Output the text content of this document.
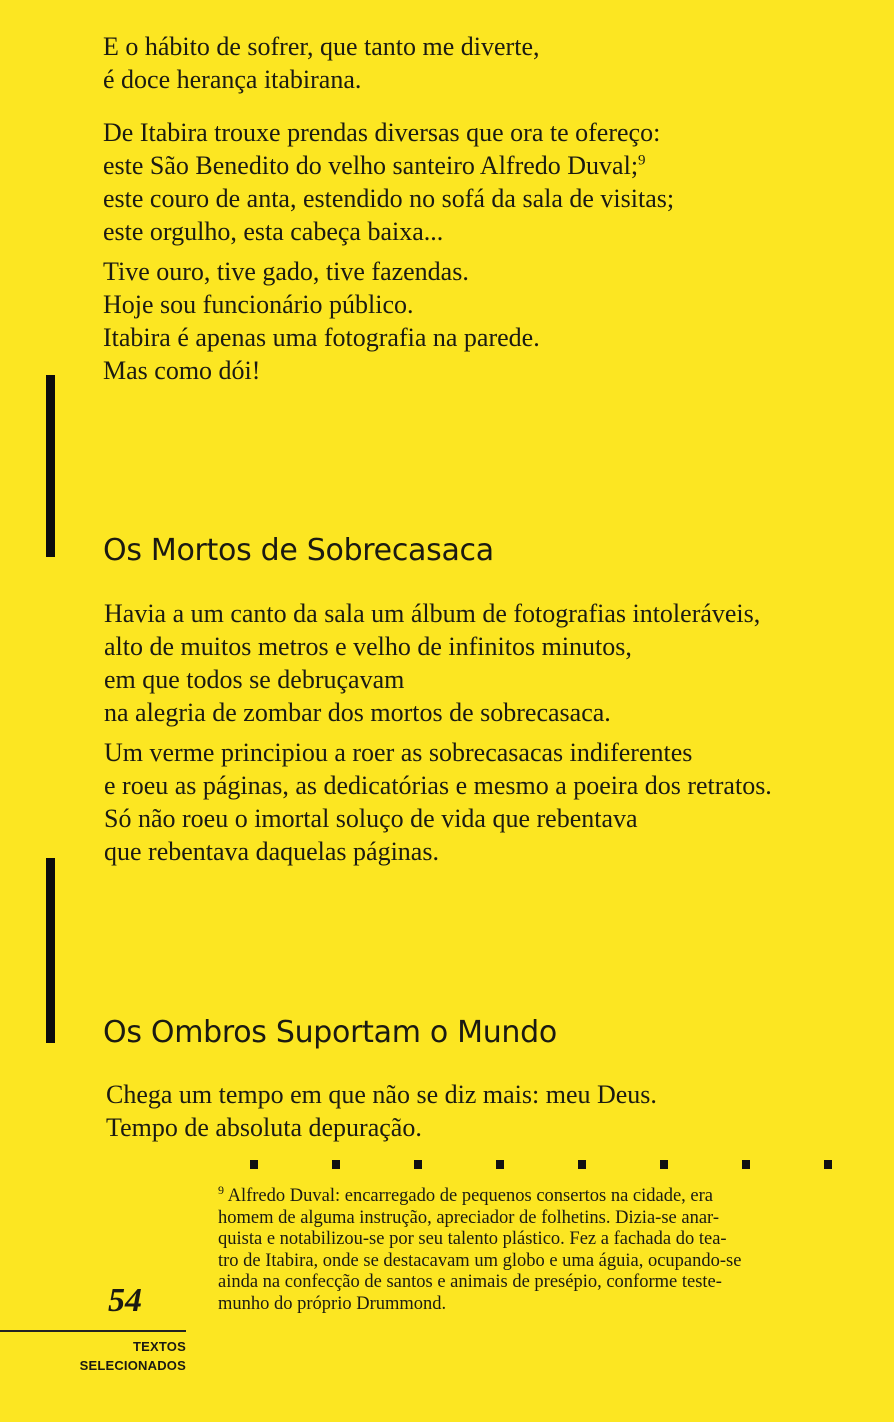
E o hábito de sofrer, que tanto me diverte,
é doce herança itabirana.
De Itabira trouxe prendas diversas que ora te ofereço:
este São Benedito do velho santeiro Alfredo Duval;$^9$
este couro de anta, estendido no sofá da sala de visitas;
este orgulho, esta cabeça baixa...
Tive ouro, tive gado, tive fazendas.
Hoje sou funcionário público.
Itabira é apenas uma fotografia na parede.
Mas como dói!
Os Mortos de Sobrecasaca
Havia a um canto da sala um álbum de fotografias intoleráveis,
alto de muitos metros e velho de infinitos minutos,
em que todos se debruçavam
na alegria de zombar dos mortos de sobrecasaca.
Um verme principiou a roer as sobrecasacas indiferentes
e roeu as páginas, as dedicatórias e mesmo a poeira dos retratos.
Só não roeu o imortal soluço de vida que rebentava
que rebentava daquelas páginas.
Os Ombros Suportam o Mundo
Chega um tempo em que não se diz mais: meu Deus.
Tempo de absoluta depuração.
$^9$ Alfredo Duval: encarregado de pequenos consertos na cidade, era
homem de alguma instrução, apreciador de folhetins. Dizia-se anar-
quista e notabilizou-se por seu talento plástico. Fez a fachada do tea-
tro de Itabira, onde se destacavam um globo e uma águia, ocupando-se
ainda na confecção de santos e animais de presépio, conforme teste-
munho do próprio Drummond.
54
TEXTOS
SELECIONADOS
